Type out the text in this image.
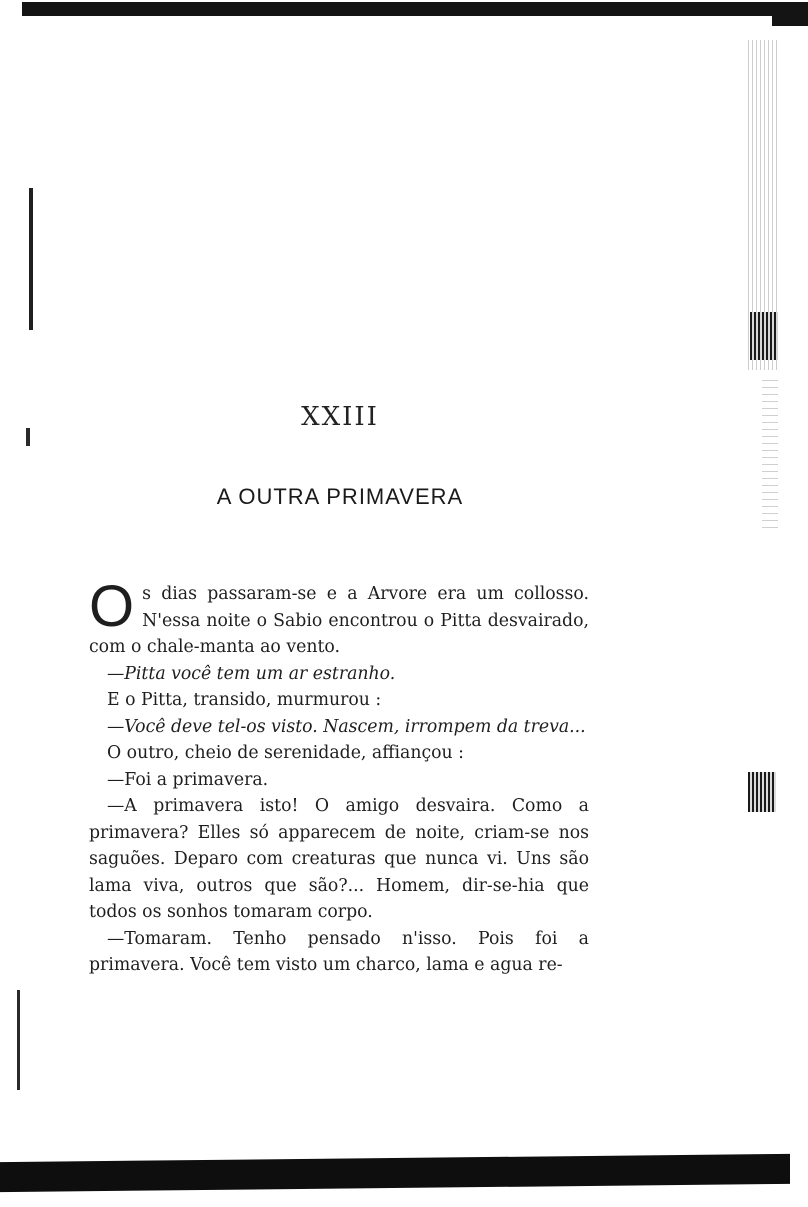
XXIII
A OUTRA PRIMAVERA

Os dias passaram-se e a Arvore era um collosso. N'essa noite o Sabio encontrou o Pitta desvairado, com o chale-manta ao vento.

—Pitta você tem um ar estranho.

E o Pitta, transido, murmurou :

—Você deve tel-os visto. Nascem, irrompem da treva...

O outro, cheio de serenidade, affiançou :

—Foi a primavera.

—A primavera isto! O amigo desvaira. Como a primavera? Elles só apparecem de noite, criam-se nos saguões. Deparo com creaturas que nunca vi. Uns são lama viva, outros que são?... Homem, dir-se-hia que todos os sonhos tomaram corpo.

—Tomaram. Tenho pensado n'isso. Pois foi a primavera. Você tem visto um charco, lama e agua re-
